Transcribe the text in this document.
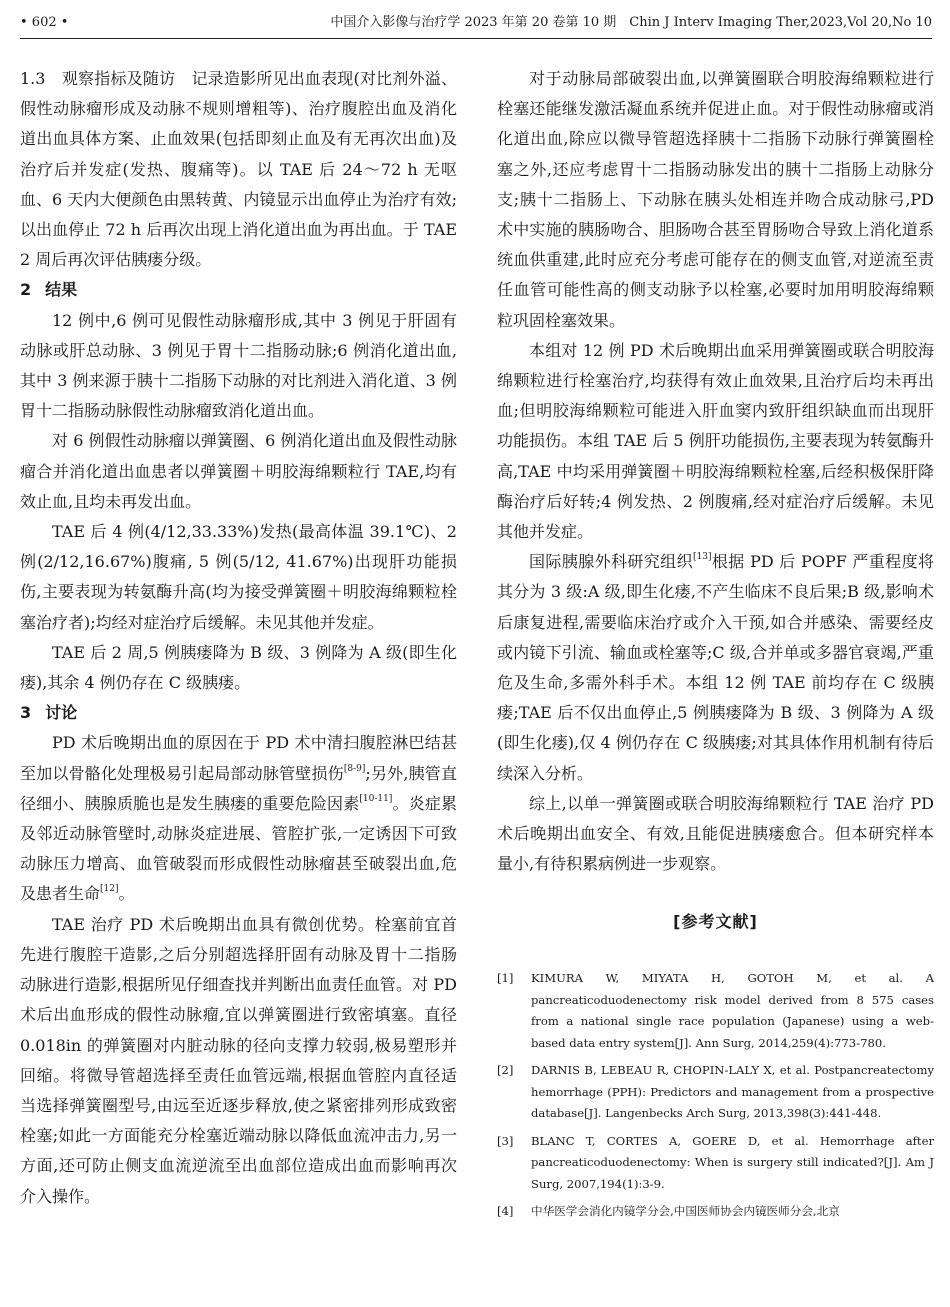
• 602 •	中国介入影像与治疗学 2023 年第 20 卷第 10 期　Chin J Interv Imaging Ther,2023,Vol 20,No 10

1.3　 观察指标及随访　 记录造影所见出血表现(对比剂外溢、假性动脉瘤形成及动脉不规则增粗等)、治疗腹腔出血及消化道出血具体方案、止血效果(包括即刻止血及有无再次出血)及治疗后并发症(发热、腹痛等)。以 TAE 后 24～72 h 无呕血、6 天内大便颜色由黑转黄、内镜显示出血停止为治疗有效;以出血停止 72 h 后再次出现上消化道出血为再出血。于 TAE 2 周后再次评估胰瘘分级。

2 结果

12 例中,6 例可见假性动脉瘤形成,其中 3 例见于肝固有动脉或肝总动脉、3 例见于胃十二指肠动脉;6 例消化道出血,其中 3 例来源于胰十二指肠下动脉的对比剂进入消化道、3 例胃十二指肠动脉假性动脉瘤致消化道出血。

对 6 例假性动脉瘤以弹簧圈、6 例消化道出血及假性动脉瘤合并消化道出血患者以弹簧圈＋明胶海绵颗粒行 TAE,均有效止血,且均未再发出血。

TAE 后 4 例(4/12,33.33%)发热(最高体温 39.1℃)、2 例(2/12,16.67%)腹痛, 5 例(5/12, 41.67%)出现肝功能损伤,主要表现为转氨酶升高(均为接受弹簧圈＋明胶海绵颗粒栓塞治疗者);均经对症治疗后缓解。未见其他并发症。

TAE 后 2 周,5 例胰瘘降为 B 级、3 例降为 A 级(即生化瘘),其余 4 例仍存在 C 级胰瘘。

3 讨论

PD 术后晚期出血的原因在于 PD 术中清扫腹腔淋巴结甚至加以骨骼化处理极易引起局部动脉管壁损伤[8-9];另外,胰管直径细小、胰腺质脆也是发生胰瘘的重要危险因素[10-11]。炎症累及邻近动脉管壁时,动脉炎症进展、管腔扩张,一定诱因下可致动脉压力增高、血管破裂而形成假性动脉瘤甚至破裂出血,危及患者生命[12]。

TAE 治疗 PD 术后晚期出血具有微创优势。栓塞前宜首先进行腹腔干造影,之后分别超选择肝固有动脉及胃十二指肠动脉进行造影,根据所见仔细查找并判断出血责任血管。对 PD 术后出血形成的假性动脉瘤,宜以弹簧圈进行致密填塞。直径 0.018in 的弹簧圈对内脏动脉的径向支撑力较弱,极易塑形并回缩。将微导管超选择至责任血管远端,根据血管腔内直径适当选择弹簧圈型号,由远至近逐步释放,使之紧密排列形成致密栓塞;如此一方面能充分栓塞近端动脉以降低血流冲击力,另一方面,还可防止侧支血流逆流至出血部位造成出血而影响再次介入操作。

对于动脉局部破裂出血,以弹簧圈联合明胶海绵颗粒进行栓塞还能继发激活凝血系统并促进止血。对于假性动脉瘤或消化道出血,除应以微导管超选择胰十二指肠下动脉行弹簧圈栓塞之外,还应考虑胃十二指肠动脉发出的胰十二指肠上动脉分支;胰十二指肠上、下动脉在胰头处相连并吻合成动脉弓,PD 术中实施的胰肠吻合、胆肠吻合甚至胃肠吻合导致上消化道系统血供重建,此时应充分考虑可能存在的侧支血管,对逆流至责任血管可能性高的侧支动脉予以栓塞,必要时加用明胶海绵颗粒巩固栓塞效果。

本组对 12 例 PD 术后晚期出血采用弹簧圈或联合明胶海绵颗粒进行栓塞治疗,均获得有效止血效果,且治疗后均未再出血;但明胶海绵颗粒可能进入肝血窦内致肝组织缺血而出现肝功能损伤。本组 TAE 后 5 例肝功能损伤,主要表现为转氨酶升高,TAE 中均采用弹簧圈＋明胶海绵颗粒栓塞,后经积极保肝降酶治疗后好转;4 例发热、2 例腹痛,经对症治疗后缓解。未见其他并发症。

国际胰腺外科研究组织[13]根据 PD 后 POPF 严重程度将其分为 3 级:A 级,即生化瘘,不产生临床不良后果;B 级,影响术后康复进程,需要临床治疗或介入干预,如合并感染、需要经皮或内镜下引流、输血或栓塞等;C 级,合并单或多器官衰竭,严重危及生命,多需外科手术。本组 12 例 TAE 前均存在 C 级胰瘘;TAE 后不仅出血停止,5 例胰瘘降为 B 级、3 例降为 A 级(即生化瘘),仅 4 例仍存在 C 级胰瘘;对其具体作用机制有待后续深入分析。

综上,以单一弹簧圈或联合明胶海绵颗粒行 TAE 治疗 PD 术后晚期出血安全、有效,且能促进胰瘘愈合。但本研究样本量小,有待积累病例进一步观察。

[参考文献]
[1] KIMURA W, MIYATA H, GOTOH M, et al. A pancreaticoduodenectomy risk model derived from 8 575 cases from a national single race population (Japanese) using a web-based data entry system[J]. Ann Surg, 2014,259(4):773-780.
[2] DARNIS B, LEBEAU R, CHOPIN-LALY X, et al. Postpancreatectomy hemorrhage (PPH): Predictors and management from a prospective database[J]. Langenbecks Arch Surg, 2013,398(3):441-448.
[3] BLANC T, CORTES A, GOERE D, et al. Hemorrhage after pancreaticoduodenectomy: When is surgery still indicated?[J]. Am J Surg, 2007,194(1):3-9.
[4] 中华医学会消化内镜学分会,中国医师协会内镜医师分会,北京
